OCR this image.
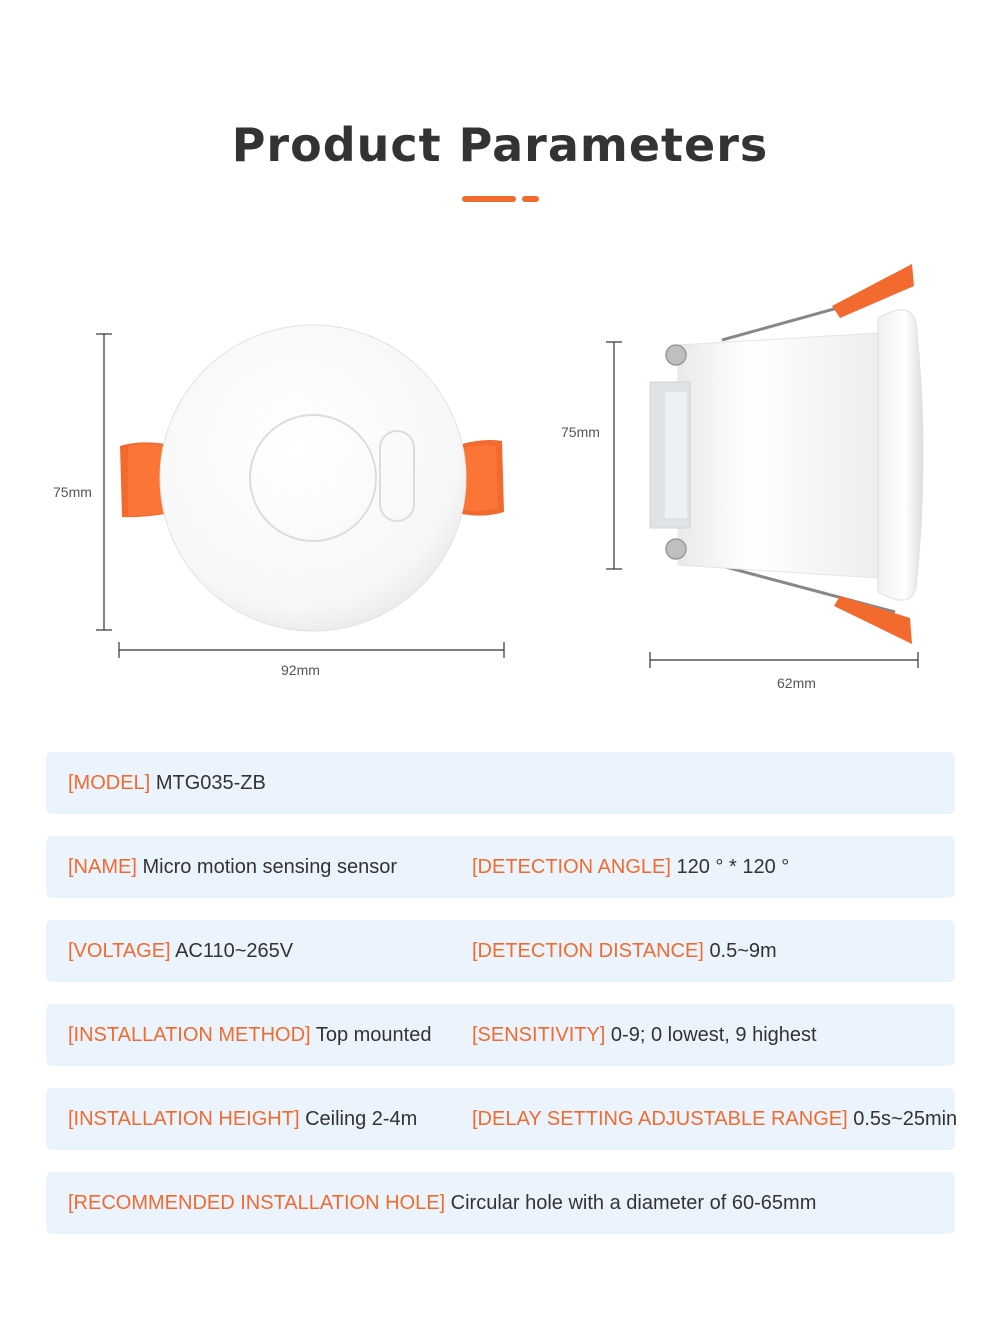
Product Parameters
75mm
92mm
75mm
62mm
[MODEL] MTG035-ZB
[NAME] Micro motion sensing sensor	[DETECTION ANGLE] 120 ° * 120 °
[VOLTAGE] AC110~265V	[DETECTION DISTANCE] 0.5~9m
[INSTALLATION METHOD] Top mounted [SENSITIVITY] 0-9; 0 lowest, 9 highest
[INSTALLATION HEIGHT] Ceiling 2-4m	[DELAY SETTING ADJUSTABLE RANGE] 0.5s~25min
[RECOMMENDED INSTALLATION HOLE] Circular hole with a diameter of 60-65mm
